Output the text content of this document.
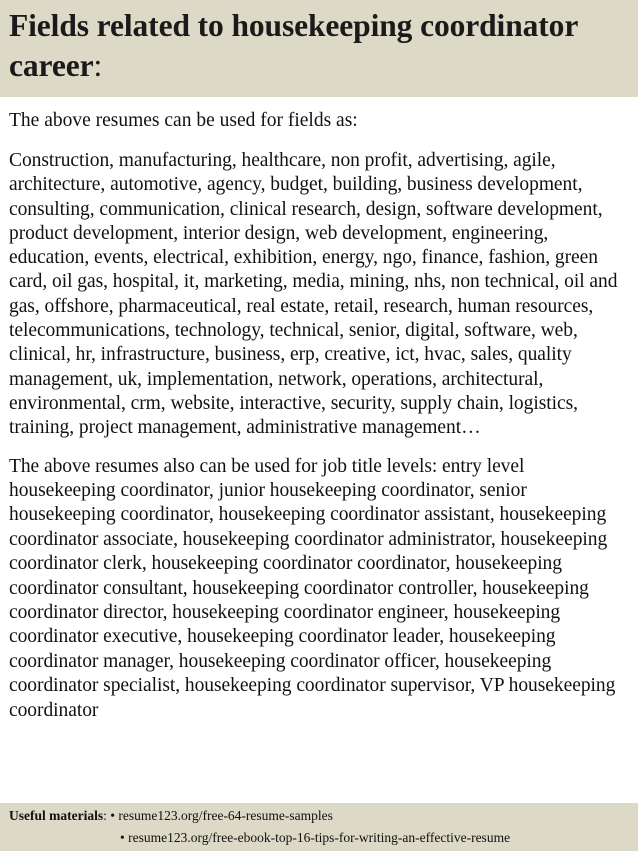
Fields related to housekeeping coordinator career:

The above resumes can be used for fields as:

Construction, manufacturing, healthcare, non profit, advertising, agile, architecture, automotive, agency, budget, building, business development, consulting, communication, clinical research, design, software development, product development, interior design, web development, engineering, education, events, electrical, exhibition, energy, ngo, finance, fashion, green card, oil gas, hospital, it, marketing, media, mining, nhs, non technical, oil and gas, offshore, pharmaceutical, real estate, retail, research, human resources, telecommunications, technology, technical, senior, digital, software, web, clinical, hr, infrastructure, business, erp, creative, ict, hvac, sales, quality management, uk, implementation, network, operations, architectural, environmental, crm, website, interactive, security, supply chain, logistics, training, project management, administrative management…

The above resumes also can be used for job title levels: entry level housekeeping coordinator, junior housekeeping coordinator, senior housekeeping coordinator, housekeeping coordinator assistant, housekeeping coordinator associate, housekeeping coordinator administrator, housekeeping coordinator clerk, housekeeping coordinator coordinator, housekeeping coordinator consultant, housekeeping coordinator controller, housekeeping coordinator director, housekeeping coordinator engineer, housekeeping coordinator executive, housekeeping coordinator leader, housekeeping coordinator manager, housekeeping coordinator officer, housekeeping coordinator specialist, housekeeping coordinator supervisor, VP housekeeping coordinator

Useful materials: • resume123.org/free-64-resume-samples
• resume123.org/free-ebook-top-16-tips-for-writing-an-effective-resume
